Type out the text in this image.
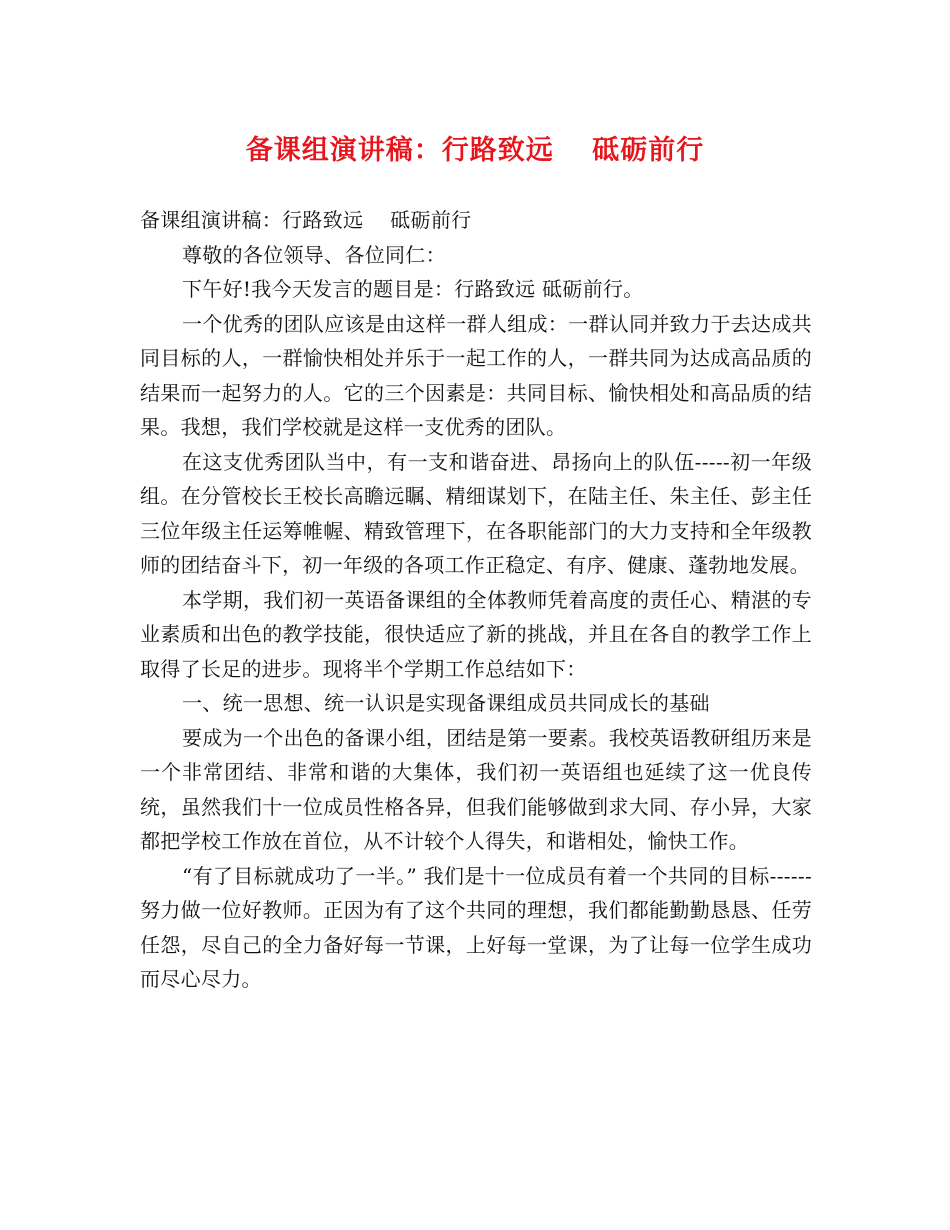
备课组演讲稿：行路致远　 砥砺前行

备课组演讲稿：行路致远　 砥砺前行

尊敬的各位领导、各位同仁：

下午好!我今天发言的题目是：行路致远 砥砺前行。

一个优秀的团队应该是由这样一群人组成：一群认同并致力于去达成共同目标的人，一群愉快相处并乐于一起工作的人，一群共同为达成高品质的结果而一起努力的人。它的三个因素是：共同目标、愉快相处和高品质的结果。我想，我们学校就是这样一支优秀的团队。

在这支优秀团队当中，有一支和谐奋进、昂扬向上的队伍-----初一年级组。在分管校长王校长高瞻远瞩、精细谋划下，在陆主任、朱主任、彭主任三位年级主任运筹帷幄、精致管理下，在各职能部门的大力支持和全年级教师的团结奋斗下，初一年级的各项工作正稳定、有序、健康、蓬勃地发展。

本学期，我们初一英语备课组的全体教师凭着高度的责任心、精湛的专业素质和出色的教学技能，很快适应了新的挑战，并且在各自的教学工作上取得了长足的进步。现将半个学期工作总结如下：

一、统一思想、统一认识是实现备课组成员共同成长的基础

要成为一个出色的备课小组，团结是第一要素。我校英语教研组历来是一个非常团结、非常和谐的大集体，我们初一英语组也延续了这一优良传统，虽然我们十一位成员性格各异，但我们能够做到求大同、存小异，大家都把学校工作放在首位，从不计较个人得失，和谐相处，愉快工作。

“有了目标就成功了一半。” 我们是十一位成员有着一个共同的目标------努力做一位好教师。正因为有了这个共同的理想，我们都能勤勤恳恳、任劳任怨，尽自己的全力备好每一节课，上好每一堂课，为了让每一位学生成功而尽心尽力。
